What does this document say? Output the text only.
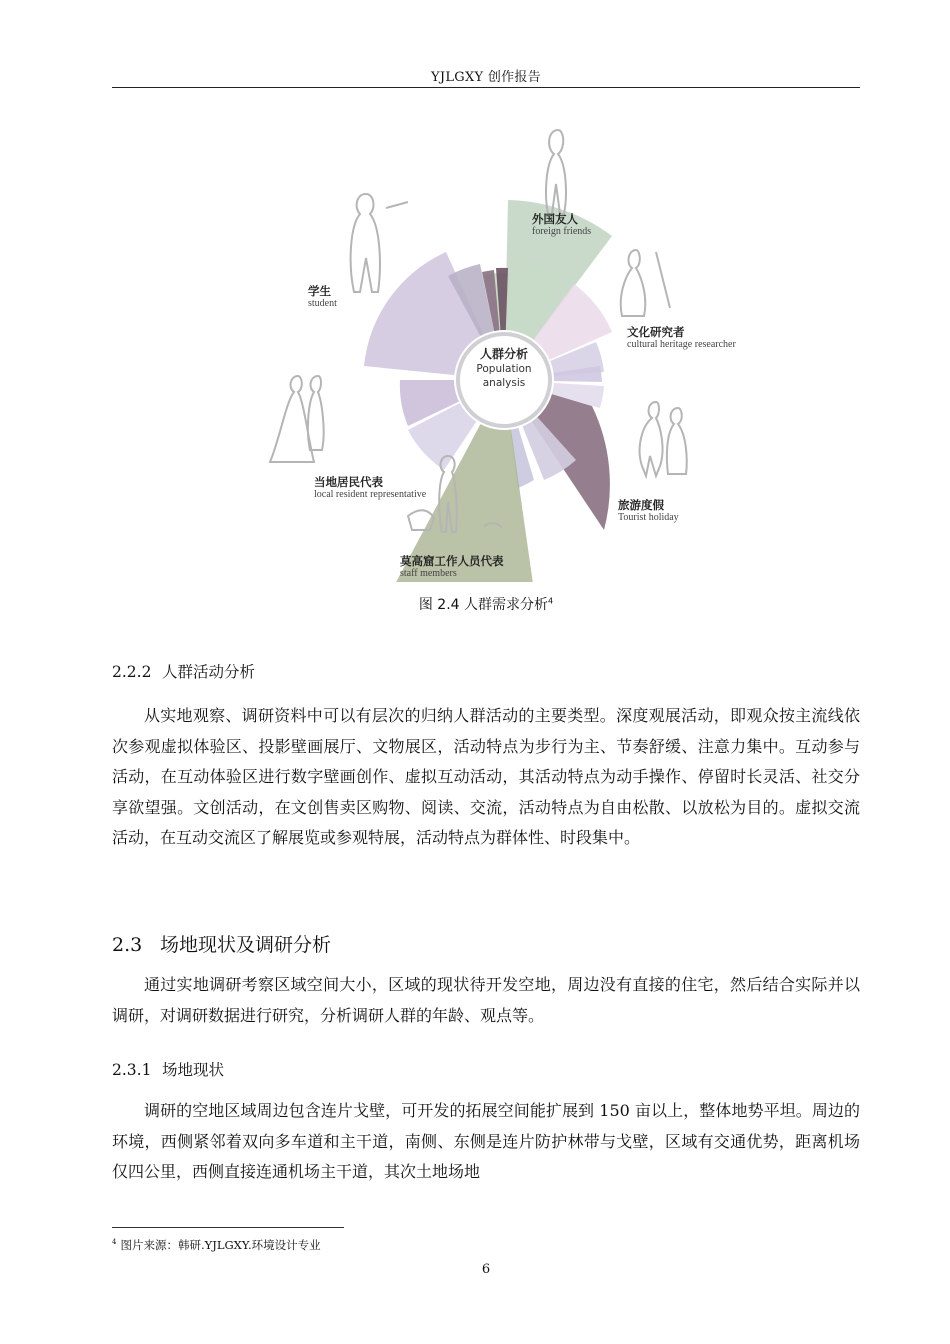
YJLGXY 创作报告
人群分析
Population
analysis
外国友人
foreign friends
文化研究者
cultural heritage researcher
旅游度假
Tourist holiday
莫高窟工作人员代表
staff members
当地居民代表
local resident representative
学生
student
图 2.4 人群需求分析$^4$
2.2.2 人群活动分析
从实地观察、调研资料中可以有层次的归纳人群活动的主要类型。深度观展活动，即观众按主流线依次参观虚拟体验区、投影壁画展厅、文物展区，活动特点为步行为主、节奏舒缓、注意力集中。互动参与活动，在互动体验区进行数字壁画创作、虚拟互动活动，其活动特点为动手操作、停留时长灵活、社交分享欲望强。文创活动，在文创售卖区购物、阅读、交流，活动特点为自由松散、以放松为目的。虚拟交流活动，在互动交流区了解展览或参观特展，活动特点为群体性、时段集中。
2.3 场地现状及调研分析
通过实地调研考察区域空间大小，区域的现状待开发空地，周边没有直接的住宅，然后结合实际并以调研，对调研数据进行研究，分析调研人群的年龄、观点等。
2.3.1 场地现状
调研的空地区域周边包含连片戈壁，可开发的拓展空间能扩展到 150 亩以上，整体地势平坦。周边的环境，西侧紧邻着双向多车道和主干道，南侧、东侧是连片防护林带与戈壁，区域有交通优势，距离机场仅四公里，西侧直接连通机场主干道，其次土地场地
$^4$ 图片来源：韩研.YJLGXY.环境设计专业
6
